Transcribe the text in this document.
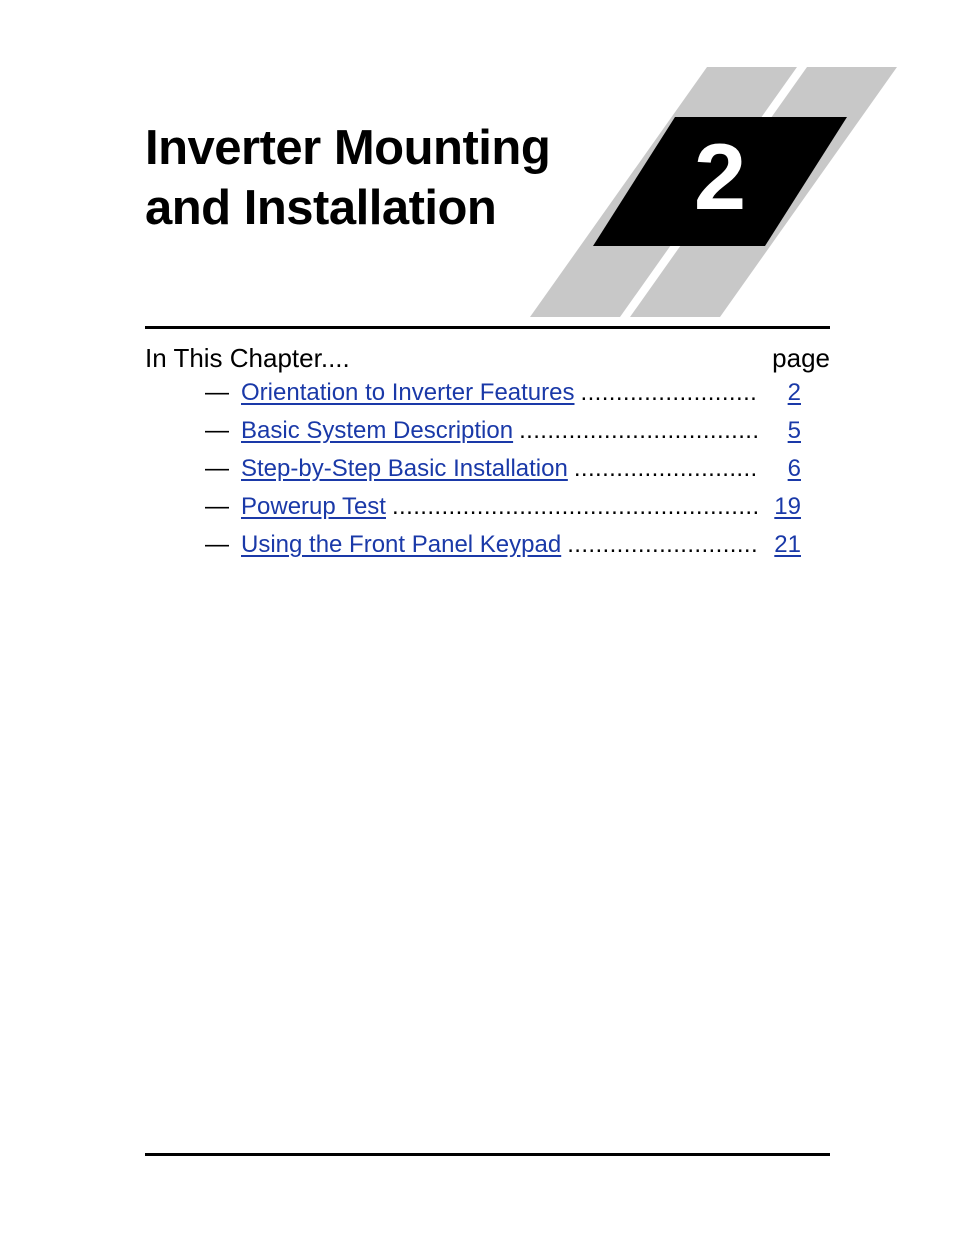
Inverter Mounting
and Installation	2
In This Chapter....	page
— Orientation to Inverter Features .....	2
— Basic System Description .....	5
— Step-by-Step Basic Installation .....	6
— Powerup Test .....	19
— Using the Front Panel Keypad .....	21
